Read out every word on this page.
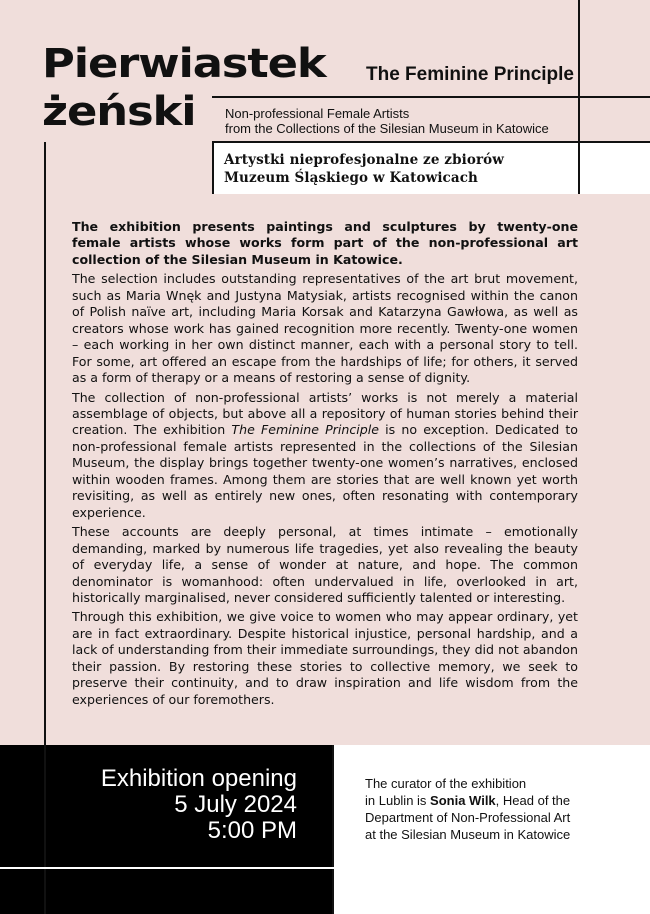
Exhibition opening
5 July 2024
5:00 PM
The curator of the exhibition
in Lublin is Sonia Wilk, Head of the
Department of Non-Professional Art
at the Silesian Museum in Katowice
Artystki nieprofesjonalne ze zbiorów
Muzeum Śląskiego w Katowicach
Pierwiastek
żeński
The Feminine Principle
Non-professional Female Artists
from the Collections of the Silesian Museum in Katowice

The exhibition presents paintings and sculptures by twenty-one female artists whose works form part of the non-professional art collection of the Silesian Museum in Katowice.

The selection includes outstanding representatives of the art brut movement, such as Maria Wnęk and Justyna Matysiak, artists recognised within the canon of Polish naïve art, including Maria Korsak and Katarzyna Gawłowa, as well as creators whose work has gained recognition more recently. Twenty-one women – each working in her own distinct manner, each with a personal story to tell. For some, art offered an escape from the hardships of life; for others, it served as a form of therapy or a means of restoring a sense of dignity.

The collection of non-professional artists’ works is not merely a material assemblage of objects, but above all a repository of human stories behind their creation. The exhibition The Feminine Principle is no exception. Dedicated to non-professional female artists represented in the collections of the Silesian Museum, the display brings together twenty-one women’s narratives, enclosed within wooden frames. Among them are stories that are well known yet worth revisiting, as well as entirely new ones, often resonating with contemporary experience.

These accounts are deeply personal, at times intimate – emotionally demanding, marked by numerous life tragedies, yet also revealing the beauty of everyday life, a sense of wonder at nature, and hope. The common denominator is womanhood: often undervalued in life, overlooked in art, historically marginalised, never considered sufficiently talented or interesting.

Through this exhibition, we give voice to women who may appear ordinary, yet are in fact extraordinary. Despite historical injustice, personal hardship, and a lack of understanding from their immediate surroundings, they did not abandon their passion. By restoring these stories to collective memory, we seek to preserve their continuity, and to draw inspiration and life wisdom from the experiences of our foremothers.
